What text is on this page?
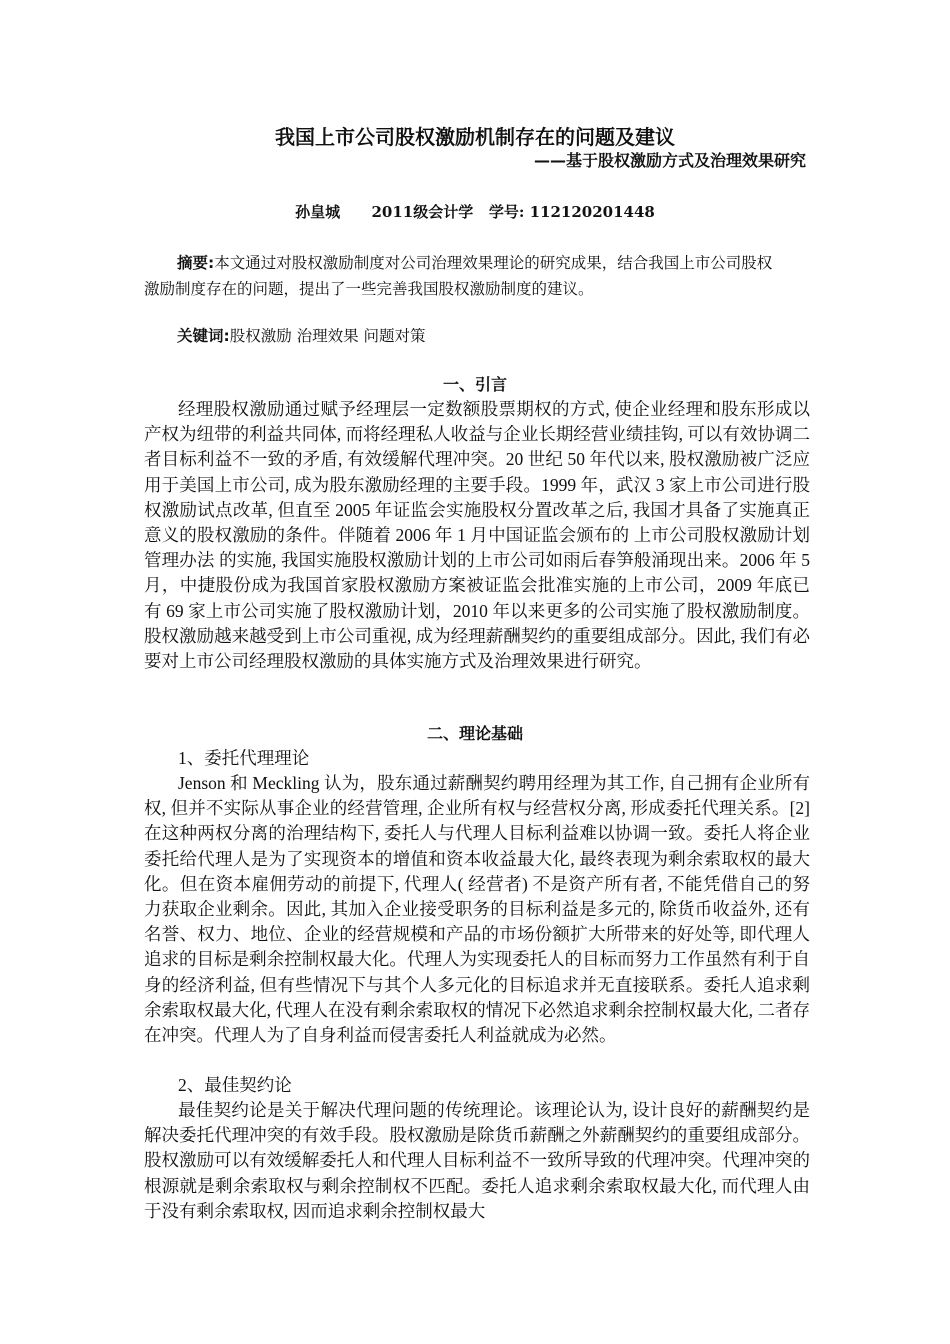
我国上市公司股权激励机制存在的问题及建议
——基于股权激励方式及治理效果研究
孙皇城      2011级会计学   学号: 112120201448

摘要:本文通过对股权激励制度对公司治理效果理论的研究成果，结合我国上市公司股权激励制度存在的问题，提出了一些完善我国股权激励制度的建议。

关键词:股权激励 治理效果 问题对策
一、引言

经理股权激励通过赋予经理层一定数额股票期权的方式, 使企业经理和股东形成以产权为纽带的利益共同体, 而将经理私人收益与企业长期经营业绩挂钩, 可以有效协调二者目标利益不一致的矛盾, 有效缓解代理冲突。20 世纪 50 年代以来, 股权激励被广泛应用于美国上市公司, 成为股东激励经理的主要手段。1999 年，武汉 3 家上市公司进行股权激励试点改革, 但直至 2005 年证监会实施股权分置改革之后, 我国才具备了实施真正意义的股权激励的条件。伴随着 2006 年 1 月中国证监会颁布的 上市公司股权激励计划管理办法 的实施, 我国实施股权激励计划的上市公司如雨后春笋般涌现出来。2006 年 5 月，中捷股份成为我国首家股权激励方案被证监会批准实施的上市公司，2009 年底已有 69 家上市公司实施了股权激励计划，2010 年以来更多的公司实施了股权激励制度。股权激励越来越受到上市公司重视, 成为经理薪酬契约的重要组成部分。因此, 我们有必要对上市公司经理股权激励的具体实施方式及治理效果进行研究。

二、理论基础
1、委托代理理论

Jenson 和 Meckling 认为，股东通过薪酬契约聘用经理为其工作, 自己拥有企业所有权, 但并不实际从事企业的经营管理, 企业所有权与经营权分离, 形成委托代理关系。[2] 在这种两权分离的治理结构下, 委托人与代理人目标利益难以协调一致。委托人将企业委托给代理人是为了实现资本的增值和资本收益最大化, 最终表现为剩余索取权的最大化。但在资本雇佣劳动的前提下, 代理人( 经营者) 不是资产所有者, 不能凭借自己的努力获取企业剩余。因此, 其加入企业接受职务的目标利益是多元的, 除货币收益外, 还有名誉、权力、地位、企业的经营规模和产品的市场份额扩大所带来的好处等, 即代理人追求的目标是剩余控制权最大化。代理人为实现委托人的目标而努力工作虽然有利于自身的经济利益, 但有些情况下与其个人多元化的目标追求并无直接联系。委托人追求剩余索取权最大化, 代理人在没有剩余索取权的情况下必然追求剩余控制权最大化, 二者存在冲突。代理人为了自身利益而侵害委托人利益就成为必然。

2、最佳契约论

最佳契约论是关于解决代理问题的传统理论。该理论认为, 设计良好的薪酬契约是解决委托代理冲突的有效手段。股权激励是除货币薪酬之外薪酬契约的重要组成部分。股权激励可以有效缓解委托人和代理人目标利益不一致所导致的代理冲突。代理冲突的根源就是剩余索取权与剩余控制权不匹配。委托人追求剩余索取权最大化, 而代理人由于没有剩余索取权, 因而追求剩余控制权最大
